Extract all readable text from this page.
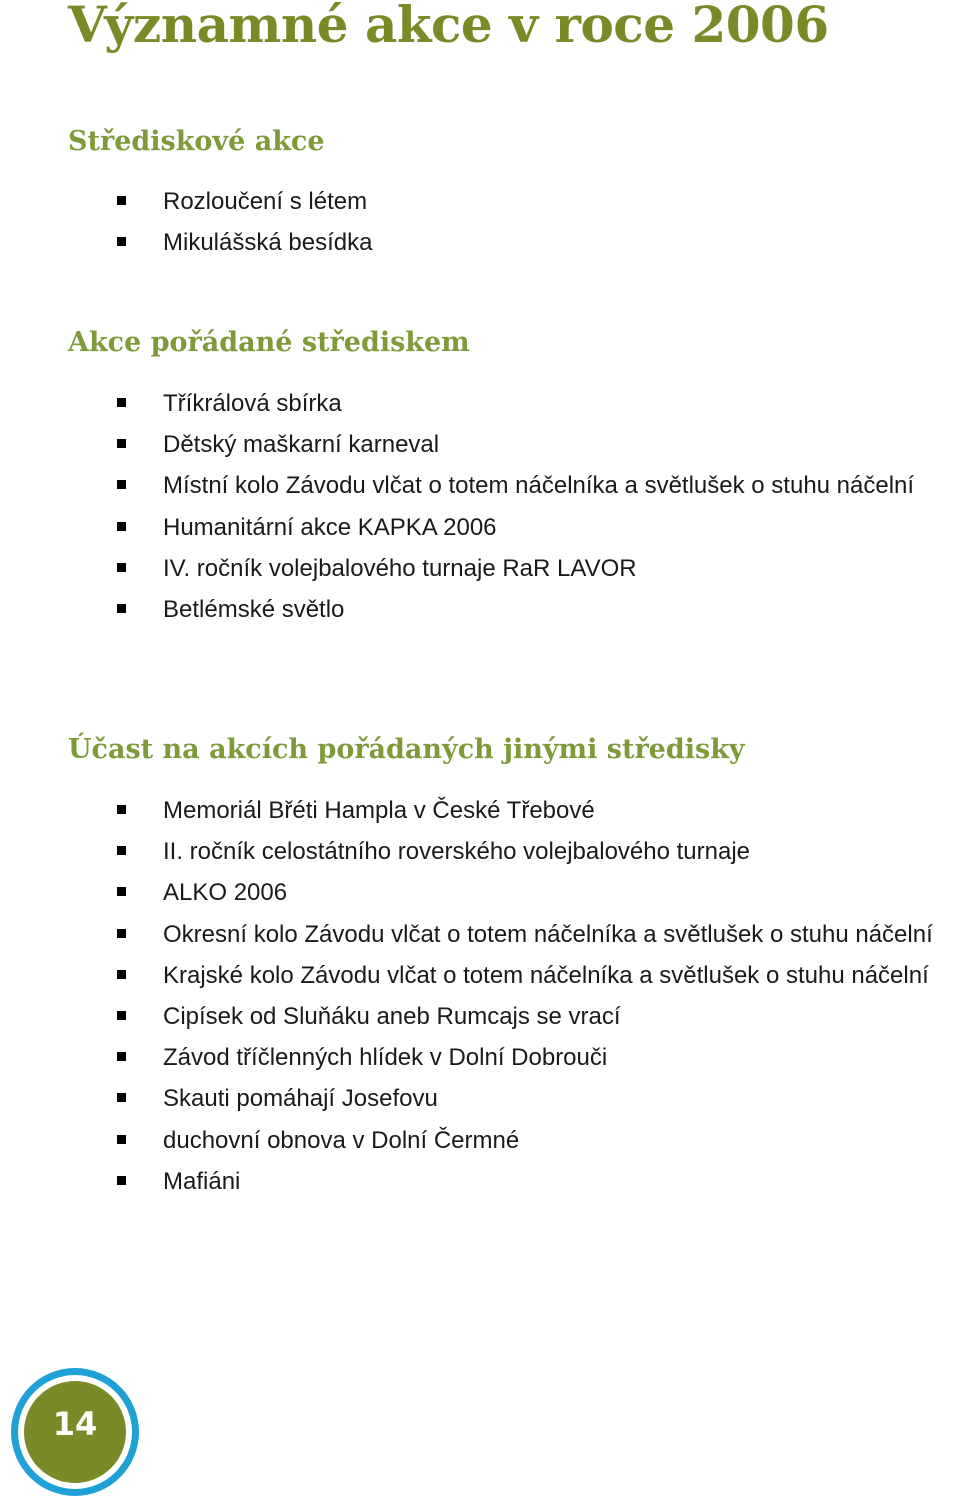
Významné akce v roce 2006
Střediskové akce
Rozloučení s létem
Mikulášská besídka
Akce pořádané střediskem
Tříkrálová sbírka
Dětský maškarní karneval
Místní kolo Závodu vlčat o totem náčelníka a světlušek o stuhu náčelní
Humanitární akce KAPKA 2006
IV. ročník volejbalového turnaje RaR LAVOR
Betlémské světlo
Účast na akcích pořádaných jinými středisky
Memoriál Břéti Hampla v České Třebové
II. ročník celostátního roverského volejbalového turnaje
ALKO 2006
Okresní kolo Závodu vlčat o totem náčelníka a světlušek o stuhu náčelní
Krajské kolo Závodu vlčat o totem náčelníka a světlušek o stuhu náčelní
Cipísek od Sluňáku aneb Rumcajs se vrací
Závod tříčlenných hlídek v Dolní Dobrouči
Skauti pomáhají Josefovu
duchovní obnova v Dolní Čermné
Mafiáni
14
